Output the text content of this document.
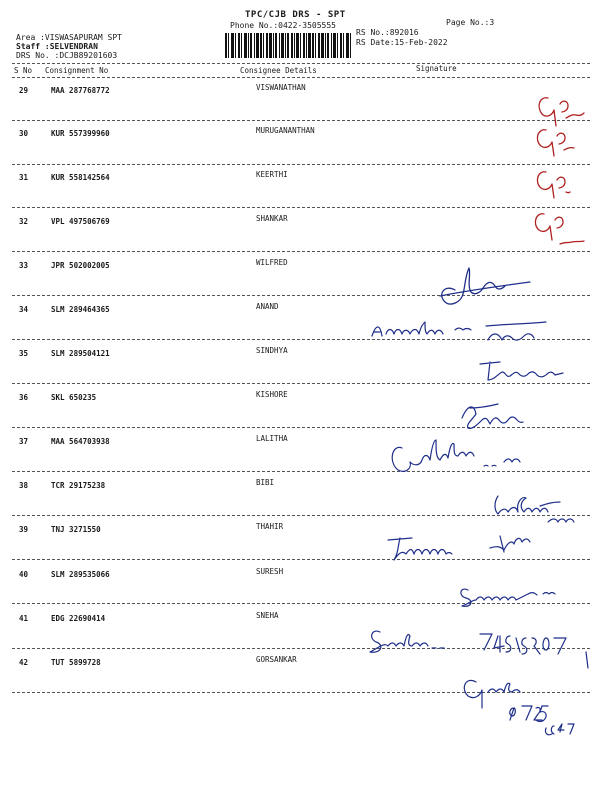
TPC/CJB DRS - SPT
Phone No.:0422-3505555	Page No.:3
RS No.:892016
RS Date:15-Feb-2022
Area :VISWASAPURAM SPT
Staff :SELVENDRAN
DRS No. :DCJB89201603
S No Consignment No	Consignee Details	Signature
29	MAA 287768772	VISWANATHAN
30	KUR 557399960	MURUGANANTHAN
31	KUR 558142564	KEERTHI
32	VPL 497506769	SHANKAR
33	JPR 502002005	WILFRED
34	SLM 289464365	ANAND
35	SLM 289504121	SINDHYA
36	SKL 650235	KISHORE
37	MAA 564703938	LALITHA
38	TCR 29175238	BIBI
39	TNJ 3271550	THAHIR
40	SLM 289535066	SURESH
41	EDG 22690414	SNEHA
42	TUT 5899728	GORSANKAR
